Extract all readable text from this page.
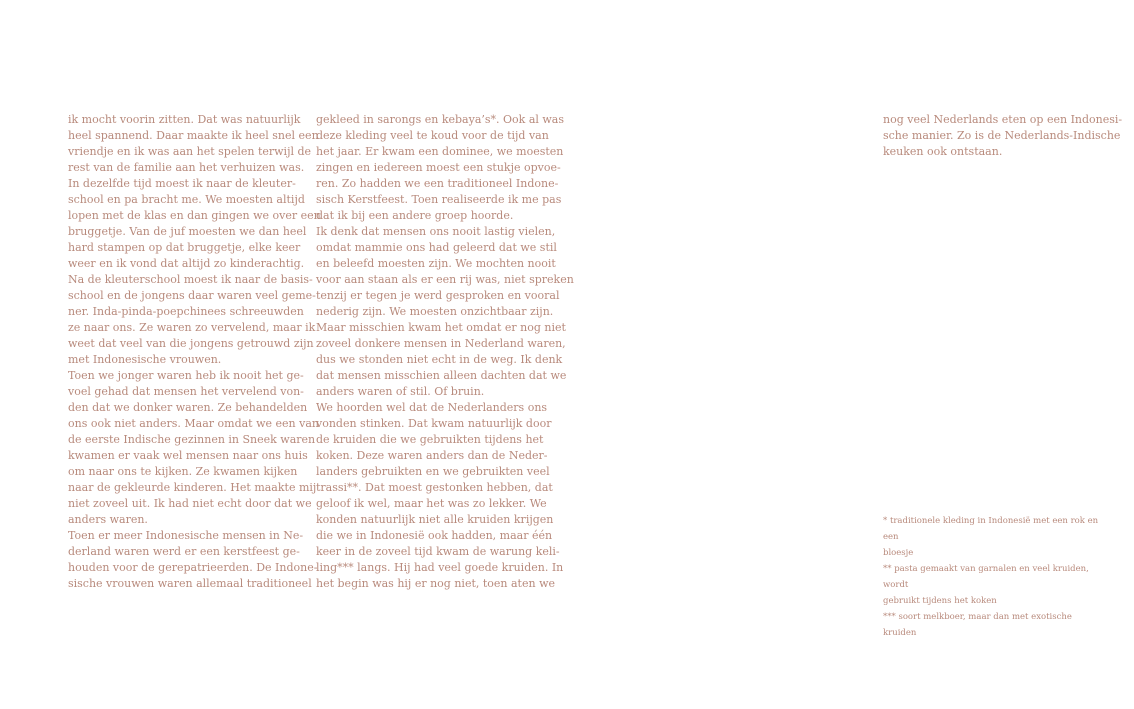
ik mocht voorin zitten. Dat was natuurlijk
heel spannend. Daar maakte ik heel snel een
vriendje en ik was aan het spelen terwijl de
rest van de familie aan het verhuizen was.
In dezelfde tijd moest ik naar de kleuter-
school en pa bracht me. We moesten altijd
lopen met de klas en dan gingen we over een
bruggetje. Van de juf moesten we dan heel
hard stampen op dat bruggetje, elke keer
weer en ik vond dat altijd zo kinderachtig.
Na de kleuterschool moest ik naar de basis-
school en de jongens daar waren veel geme-
ner. Inda-pinda-poepchinees schreeuwden
ze naar ons. Ze waren zo vervelend, maar ik
weet dat veel van die jongens getrouwd zijn
met Indonesische vrouwen.
Toen we jonger waren heb ik nooit het ge-
voel gehad dat mensen het vervelend von-
den dat we donker waren. Ze behandelden
ons ook niet anders. Maar omdat we een van
de eerste Indische gezinnen in Sneek waren
kwamen er vaak wel mensen naar ons huis
om naar ons te kijken. Ze kwamen kijken
naar de gekleurde kinderen. Het maakte mij
niet zoveel uit. Ik had niet echt door dat we
anders waren.
Toen er meer Indonesische mensen in Ne-
derland waren werd er een kerstfeest ge-
houden voor de gerepatrieerden. De Indone-
sische vrouwen waren allemaal traditioneel
gekleed in sarongs en kebaya’s*. Ook al was
deze kleding veel te koud voor de tijd van
het jaar. Er kwam een dominee, we moesten
zingen en iedereen moest een stukje opvoe-
ren. Zo hadden we een traditioneel Indone-
sisch Kerstfeest. Toen realiseerde ik me pas
dat ik bij een andere groep hoorde.
Ik denk dat mensen ons nooit lastig vielen,
omdat mammie ons had geleerd dat we stil
en beleefd moesten zijn. We mochten nooit
voor aan staan als er een rij was, niet spreken
tenzij er tegen je werd gesproken en vooral
nederig zijn. We moesten onzichtbaar zijn.
Maar misschien kwam het omdat er nog niet
zoveel donkere mensen in Nederland waren,
dus we stonden niet echt in de weg. Ik denk
dat mensen misschien alleen dachten dat we
anders waren of stil. Of bruin.
We hoorden wel dat de Nederlanders ons
vonden stinken. Dat kwam natuurlijk door
de kruiden die we gebruikten tijdens het
koken. Deze waren anders dan de Neder-
landers gebruikten en we gebruikten veel
trassi**. Dat moest gestonken hebben, dat
geloof ik wel, maar het was zo lekker. We
konden natuurlijk niet alle kruiden krijgen
die we in Indonesië ook hadden, maar één
keer in de zoveel tijd kwam de warung keli-
ling*** langs. Hij had veel goede kruiden. In
het begin was hij er nog niet, toen aten we
nog veel Nederlands eten op een Indonesi-
sche manier. Zo is de Nederlands-Indische
keuken ook ontstaan.
* traditionele kleding in Indonesië met een rok en een
bloesje
** pasta gemaakt van garnalen en veel kruiden, wordt
gebruikt tijdens het koken
*** soort melkboer, maar dan met exotische kruiden
